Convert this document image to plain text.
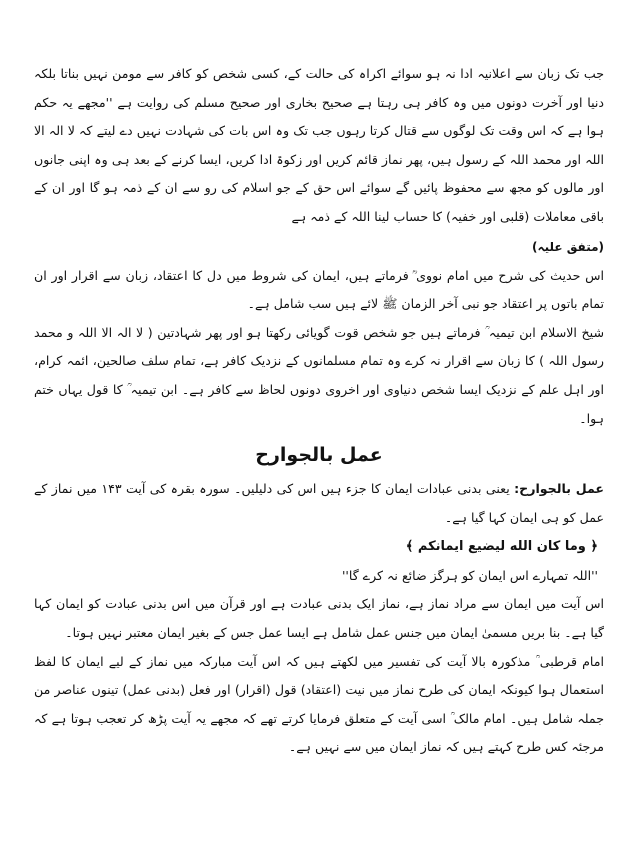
جب تک زبان سے اعلانیہ ادا نہ ہو سوائے اکراہ کی حالت کے، کسی شخص کو کافر سے مومن نہیں بناتا بلکہ دنیا اور آخرت دونوں میں وہ کافر ہی رہتا ہے صحیح بخاری اور صحیح مسلم کی روایت ہے ''مجھے یہ حکم ہوا ہے کہ اس وقت تک لوگوں سے قتال کرتا رہوں جب تک وہ اس بات کی شہادت نہیں دے لیتے کہ لا الہ الا اللہ اور محمد اللہ کے رسول ہیں، پھر نماز قائم کریں اور زکوۃ ادا کریں، ایسا کرنے کے بعد ہی وہ اپنی جانوں اور مالوں کو مجھ سے محفوظ پائیں گے سوائے اس حق کے جو اسلام کی رو سے ان کے ذمہ ہو گا اور ان کے باقی معاملات (قلبی اور خفیہ) کا حساب لینا اللہ کے ذمہ ہے

(متفق علیہ)

اس حدیث کی شرح میں امام نووی ؒ فرماتے ہیں، ایمان کی شروط میں دل کا اعتقاد، زبان سے اقرار اور ان تمام باتوں پر اعتقاد جو نبی آخر الزمان ﷺ لائے ہیں سب شامل ہے۔

شیخ الاسلام ابن تیمیہ ؒ فرماتے ہیں جو شخص قوت گویائی رکھتا ہو اور پھر شہادتین ( لا الہ الا اللہ و محمد رسول اللہ ) کا زبان سے اقرار نہ کرے وہ تمام مسلمانوں کے نزدیک کافر ہے، تمام سلف صالحین، ائمہ کرام، اور اہل علم کے نزدیک ایسا شخص دنیاوی اور اخروی دونوں لحاظ سے کافر ہے۔ ابن تیمیہ ؒ کا قول یہاں ختم ہوا۔

عمل بالجوارح

عمل بالجوارح: یعنی بدنی عبادات ایمان کا جزء ہیں اس کی دلیلیں۔ سورہ بقرہ کی آیت ۱۴۳ میں نماز کے عمل کو ہی ایمان کہا گیا ہے۔

﴿ وما كان الله ليضيع ايمانكم ﴾

''اللہ تمہارے اس ایمان کو ہرگز ضائع نہ کرے گا''

اس آیت میں ایمان سے مراد نماز ہے، نماز ایک بدنی عبادت ہے اور قرآن میں اس بدنی عبادت کو ایمان کہا گیا ہے۔ بنا بریں مسمیٰ ایمان میں جنس عمل شامل ہے ایسا عمل جس کے بغیر ایمان معتبر نہیں ہوتا۔

امام قرطبی ؒ مذکورہ بالا آیت کی تفسیر میں لکھتے ہیں کہ اس آیت مبارکہ میں نماز کے لیے ایمان کا لفظ استعمال ہوا کیونکہ ایمان کی طرح نماز میں نیت (اعتقاد) قول (اقرار) اور فعل (بدنی عمل) تینوں عناصر من جملہ شامل ہیں۔ امام مالک ؒ اسی آیت کے متعلق فرمایا کرتے تھے کہ مجھے یہ آیت پڑھ کر تعجب ہوتا ہے کہ مرجئہ کس طرح کہتے ہیں کہ نماز ایمان میں سے نہیں ہے۔
